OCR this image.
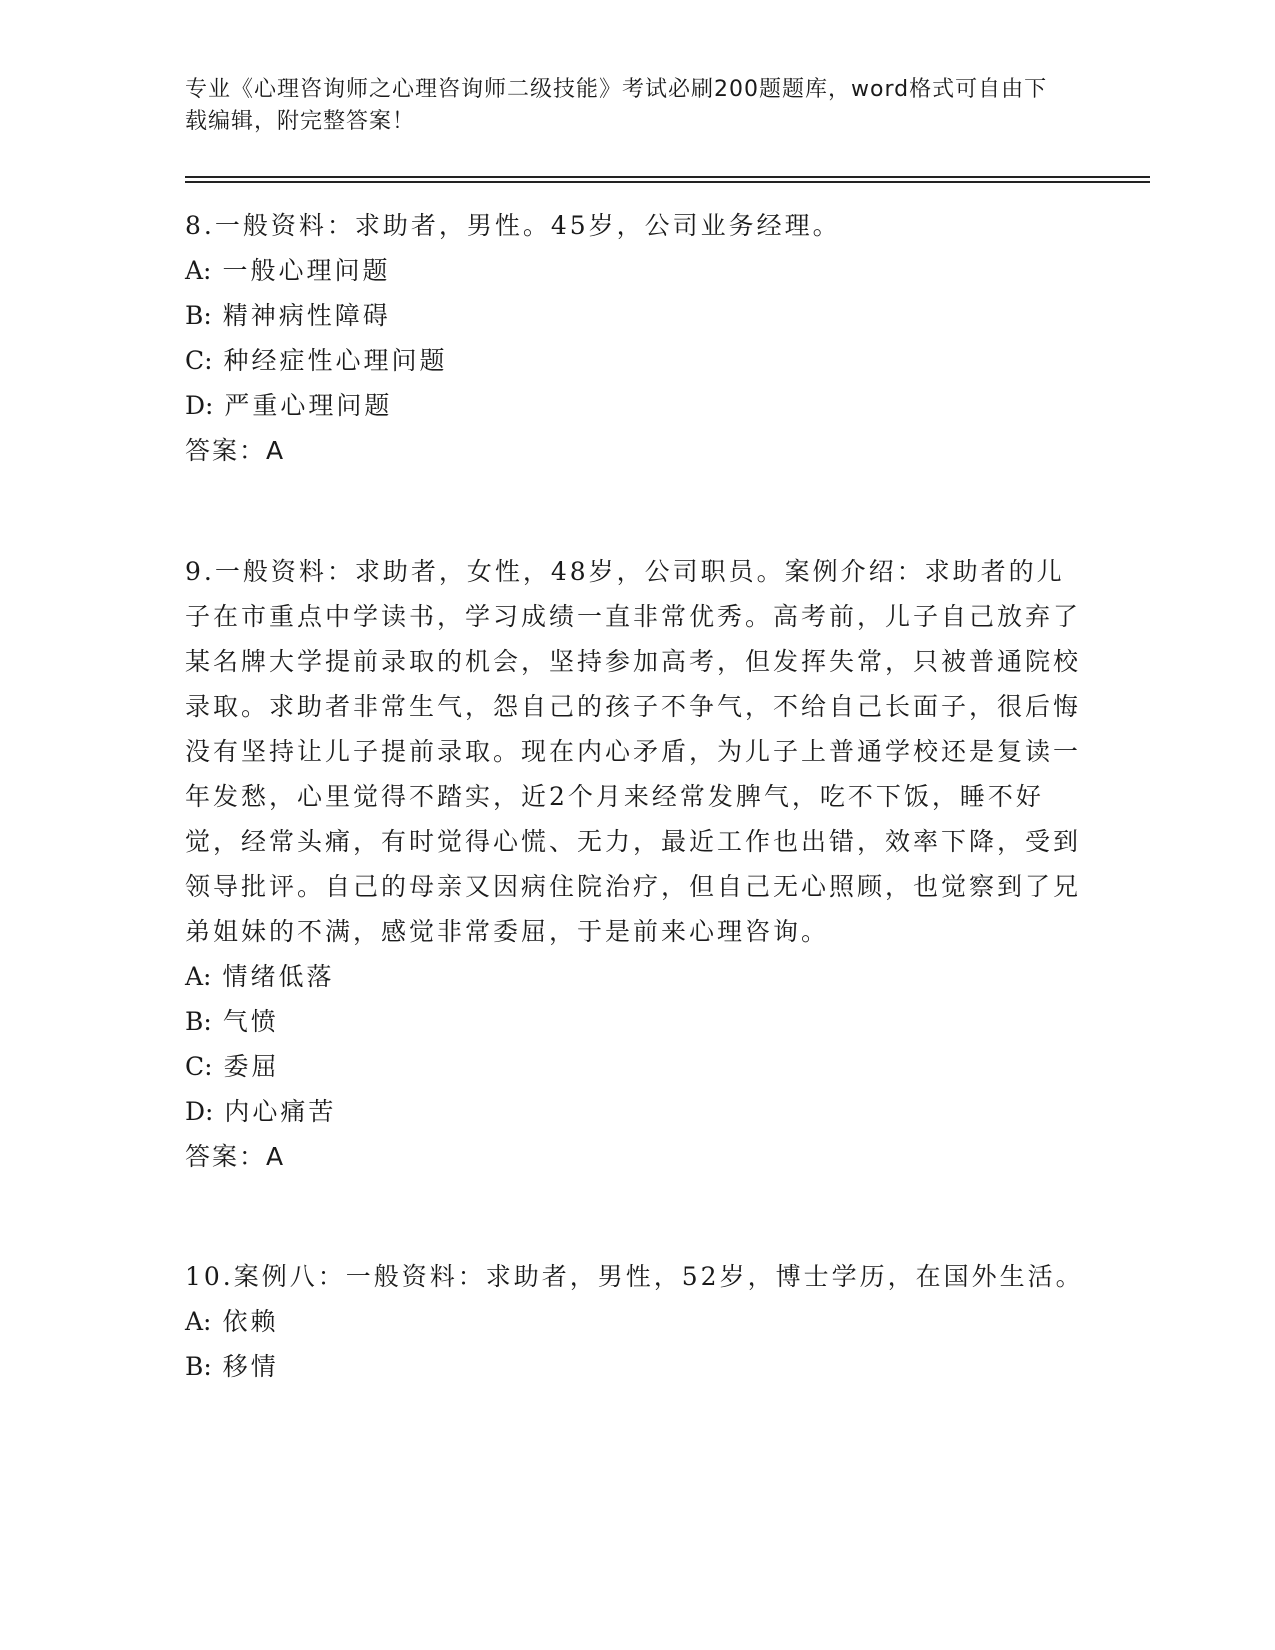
专业《心理咨询师之心理咨询师二级技能》考试必刷200题题库，word格式可自由下载编辑，附完整答案！

8.一般资料：求助者，男性。45岁，公司业务经理。

A: 一般心理问题

B: 精神病性障碍

C: 种经症性心理问题

D: 严重心理问题

答案：A

9.一般资料：求助者，女性，48岁，公司职员。案例介绍：求助者的儿子在市重点中学读书，学习成绩一直非常优秀。高考前，儿子自己放弃了某名牌大学提前录取的机会，坚持参加高考，但发挥失常，只被普通院校录取。求助者非常生气，怨自己的孩子不争气，不给自己长面子，很后悔没有坚持让儿子提前录取。现在内心矛盾，为儿子上普通学校还是复读一年发愁，心里觉得不踏实，近2个月来经常发脾气，吃不下饭，睡不好觉，经常头痛，有时觉得心慌、无力，最近工作也出错，效率下降，受到领导批评。自己的母亲又因病住院治疗，但自己无心照顾，也觉察到了兄弟姐妹的不满，感觉非常委屈，于是前来心理咨询。

A: 情绪低落

B: 气愤

C: 委屈

D: 内心痛苦

答案：A

10.案例八：一般资料：求助者，男性，52岁，博士学历，在国外生活。

A: 依赖

B: 移情
